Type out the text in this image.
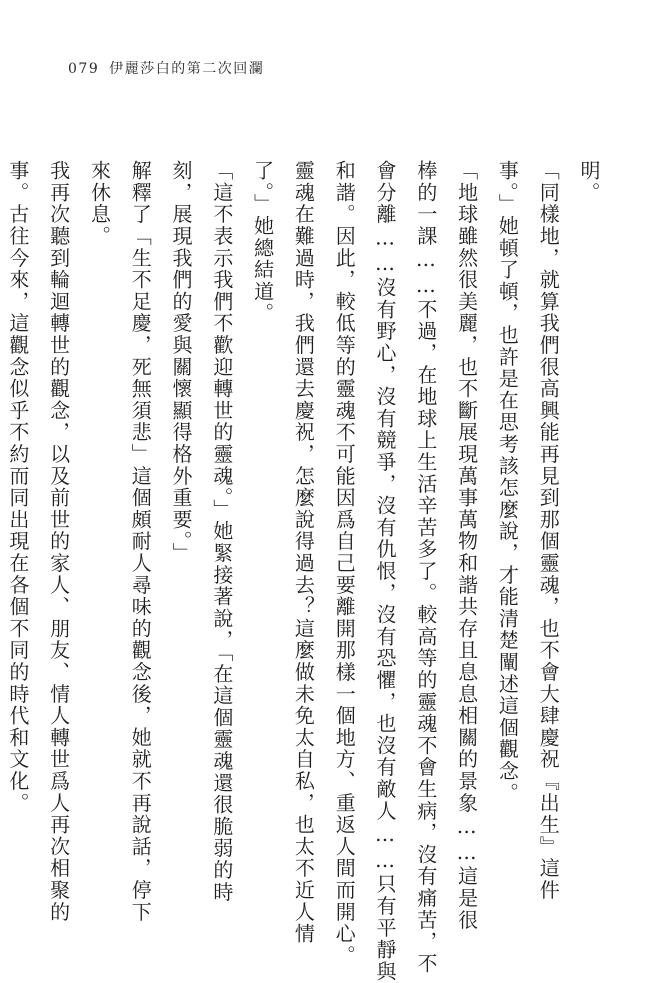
079 伊麗莎白的第二次回瀾
明。
「同樣地，就算我們很高興能再見到那個靈魂，也不會大肆慶祝『出生』這件
事。」她頓了頓，也許是在思考該怎麼說，才能清楚闡述這個觀念。
「地球雖然很美麗，也不斷展現萬事萬物和諧共存且息息相關的景象……這是很
棒的一課……不過，在地球上生活辛苦多了。較高等的靈魂不會生病，沒有痛苦，不
會分離……沒有野心，沒有競爭，沒有仇恨，沒有恐懼，也沒有敵人……只有平靜與
和諧。因此，較低等的靈魂不可能因爲自己要離開那樣一個地方、重返人間而開心。
靈魂在難過時，我們還去慶祝，怎麼說得過去？這麼做未免太自私，也太不近人情
了。」她總結道。
「這不表示我們不歡迎轉世的靈魂。」她緊接著說，「在這個靈魂還很脆弱的時
刻，展現我們的愛與關懷顯得格外重要。」
解釋了「生不足慶，死無須悲」這個頗耐人尋味的觀念後，她就不再說話，停下
來休息。
我再次聽到輪迴轉世的觀念，以及前世的家人、朋友、情人轉世爲人再次相聚的
事。古往今來，這觀念似乎不約而同出現在各個不同的時代和文化。
